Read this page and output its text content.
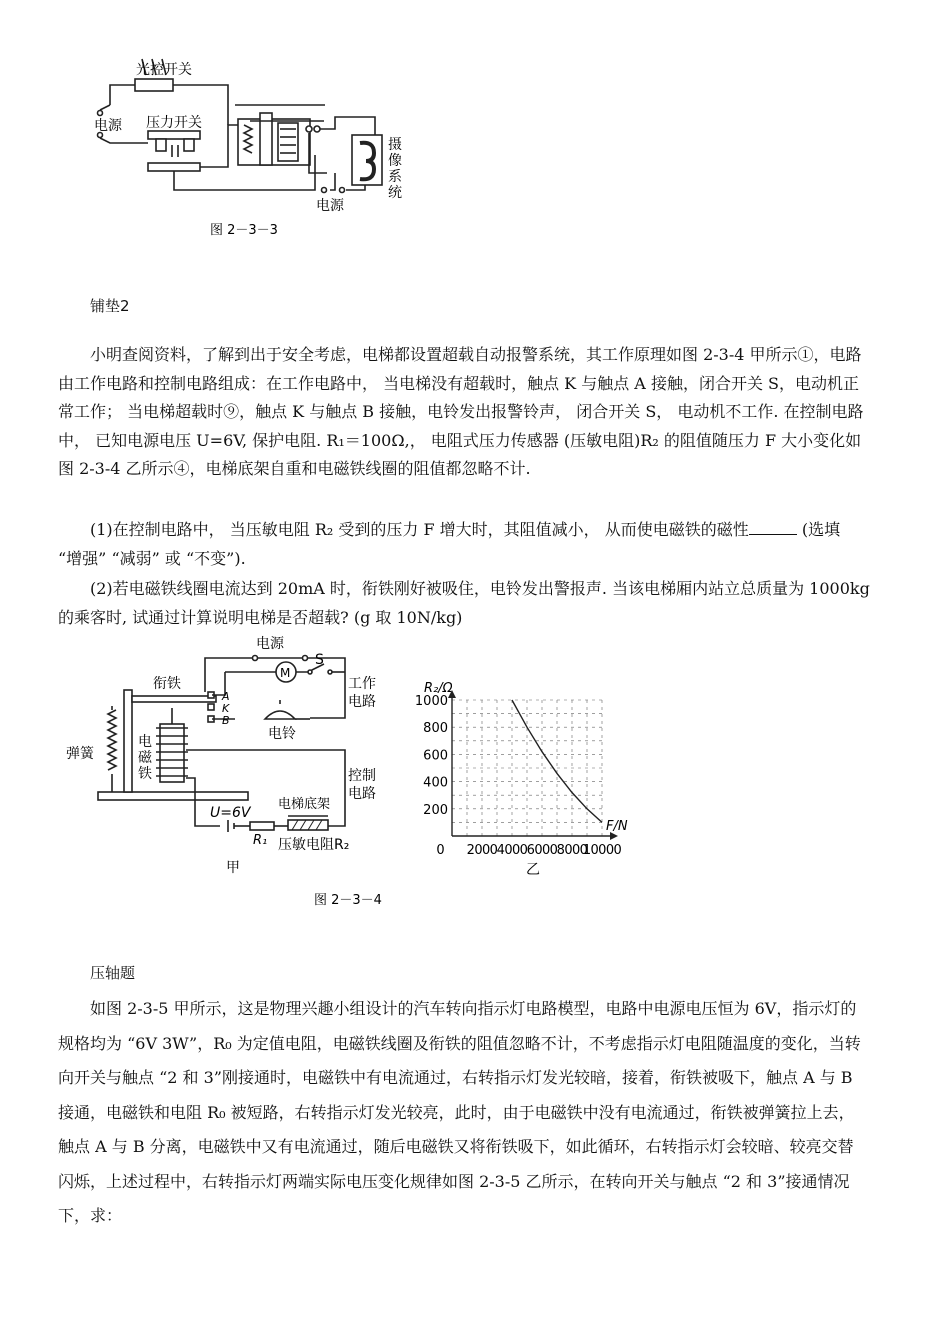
光控开关
电源 压力开关
摄
像
系
统
电源
图 2－3－3
铺垫2
小明查阅资料，了解到出于安全考虑，电梯都设置超载自动报警系统，其工作原理如图 2-3-4 甲所示①，电路
由工作电路和控制电路组成：在工作电路中， 当电梯没有超载时，触点 K 与触点 A 接触，闭合开关 S，电动机正
常工作； 当电梯超载时⑨，触点 K 与触点 B 接触，电铃发出报警铃声， 闭合开关 S， 电动机不工作. 在控制电路
中， 已知电源电压 U=6V, 保护电阻. R₁＝100Ω,， 电阻式压力传感器 (压敏电阻)R₂ 的阻值随压力 F 大小变化如
图 2-3-4 乙所示④，电梯底架自重和电磁铁线圈的阻值都忽略不计.
(1)在控制电路中， 当压敏电阻 R₂ 受到的压力 F 增大时，其阻值减小， 从而使电磁铁的磁性	(选填
“增强” “减弱” 或 “不变”).
(2)若电磁铁线圈电流达到 20mA 时，衔铁刚好被吸住，电铃发出警报声. 当该电梯厢内站立总质量为 1000kg
的乘客时, 试通过计算说明电梯是否超载? (g 取 10N/kg)
电源
M
S
工作
电路
衔铁
A
K
B
电铃
弹簧
电
磁
铁	控制
电路
U=6V
电梯底架
R₁ 压敏电阻R₂
甲
图 2－3－4
200
400
600
800
1000
0 2000 4000 6000 8000
10000
R₂/Ω
F/N
乙
压轴题
如图 2-3-5 甲所示，这是物理兴趣小组设计的汽车转向指示灯电路模型，电路中电源电压恒为 6V，指示灯的
规格均为 “6V 3W”，R₀ 为定值电阻，电磁铁线圈及衔铁的阻值忽略不计，不考虑指示灯电阻随温度的变化，当转
向开关与触点 “2 和 3”刚接通时，电磁铁中有电流通过，右转指示灯发光较暗，接着，衔铁被吸下，触点 A 与 B
接通，电磁铁和电阻 R₀ 被短路，右转指示灯发光较亮，此时，由于电磁铁中没有电流通过，衔铁被弹簧拉上去，
触点 A 与 B 分离，电磁铁中又有电流通过，随后电磁铁又将衔铁吸下，如此循环，右转指示灯会较暗、较亮交替
闪烁，上述过程中，右转指示灯两端实际电压变化规律如图 2-3-5 乙所示，在转向开关与触点 “2 和 3”接通情况
下，求：
